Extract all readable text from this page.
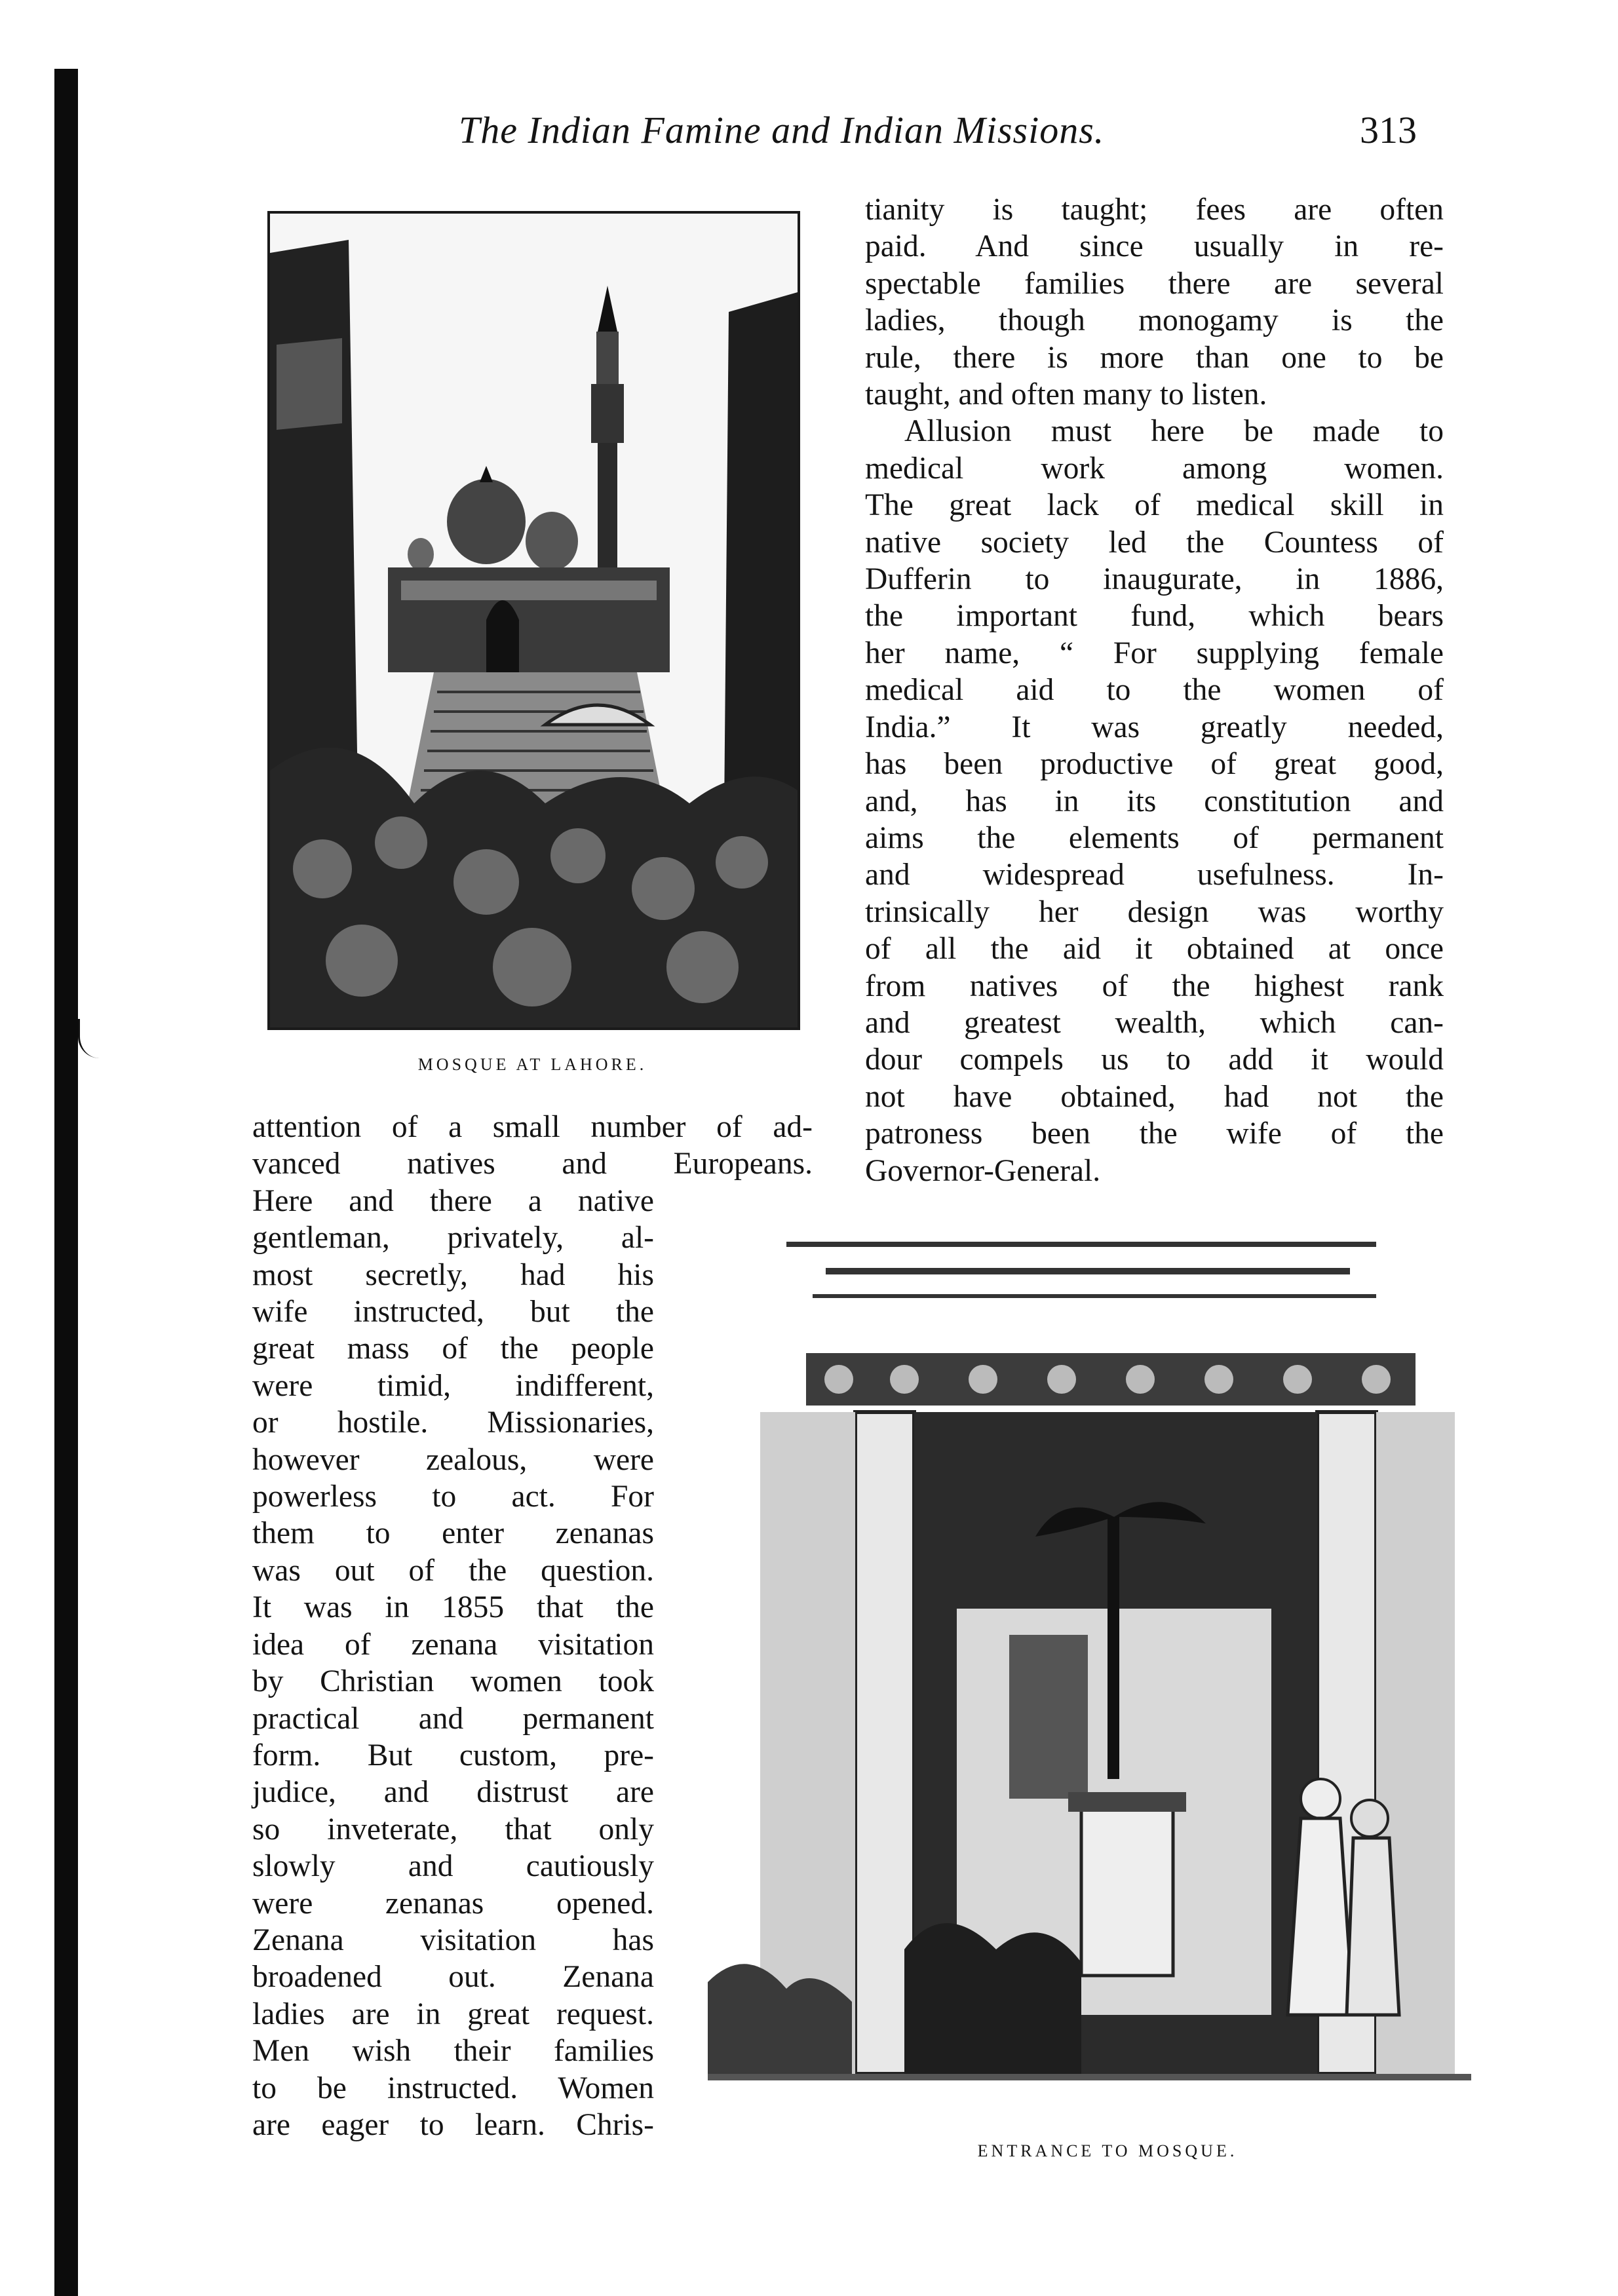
The Indian Famine and Indian Missions.	313
MOSQUE AT LAHORE.

tianity is taught; fees are often

paid. And since usually in re-

spectable families there are several

ladies, though monogamy is the

rule, there is more than one to be

taught, and often many to listen.

Allusion must here be made to

medical work among women.

The great lack of medical skill in

native society led the Countess of

Dufferin to inaugurate, in 1886,

the important fund, which bears

her name, “ For supplying female

medical aid to the women of

India.” It was greatly needed,

has been productive of great good,

and, has in its constitution and

aims the elements of permanent

and widespread usefulness. In-

trinsically her design was worthy

of all the aid it obtained at once

from natives of the highest rank

and greatest wealth, which can-

dour compels us to add it would

not have obtained, had not the

patroness been the wife of the

Governor-General.

attention of a small number of ad-

vanced natives and Europeans.

Here and there a native

gentleman, privately, al-

most secretly, had his

wife instructed, but the

great mass of the people

were timid, indifferent,

or hostile. Missionaries,

however zealous, were

powerless to act. For

them to enter zenanas

was out of the question.

It was in 1855 that the

idea of zenana visitation

by Christian women took

practical and permanent

form. But custom, pre-

judice, and distrust are

so inveterate, that only

slowly and cautiously

were zenanas opened.

Zenana visitation has

broadened out. Zenana

ladies are in great request.

Men wish their families

to be instructed. Women

are eager to learn. Chris-

ENTRANCE TO MOSQUE.
